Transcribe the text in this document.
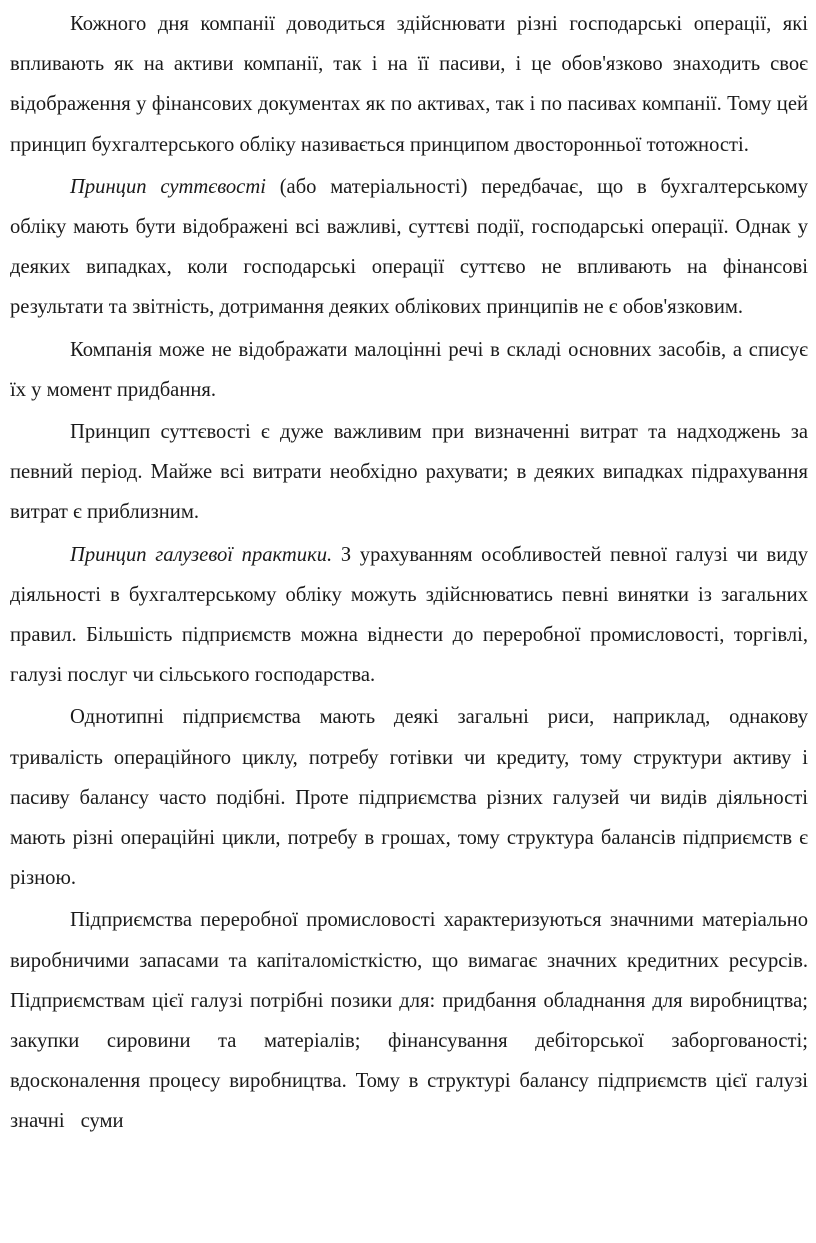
Кожного дня компанії доводиться здійснювати різні господарські операції, які впливають як на активи компанії, так і на її пасиви, і це обов'язково знаходить своє відображення у фінансових документах як по активах, так і по пасивах компанії. Тому цей принцип бухгалтерського обліку називається принципом двосторонньої тотожності.

Принцип суттєвості (або матеріальності) передбачає, що в бухгалтерському обліку мають бути відображені всі важливі, суттєві події, господарські операції. Однак у деяких випадках, коли господарські операції суттєво не впливають на фінансові результати та звітність, дотримання деяких облікових принципів не є обов'язковим.

Компанія може не відображати малоцінні речі в складі основних засобів, а списує їх у момент придбання.

Принцип суттєвості є дуже важливим при визначенні витрат та надходжень за певний період. Майже всі витрати необхідно рахувати; в деяких випадках підрахування витрат є приблизним.

Принцип галузевої практики. З урахуванням особливостей певної галузі чи виду діяльності в бухгалтерському обліку можуть здійснюватись певні винятки із загальних правил. Більшість підприємств можна віднести до переробної промисловості, торгівлі, галузі послуг чи сільського господарства.

Однотипні підприємства мають деякі загальні риси, наприклад, однакову тривалість операційного циклу, потребу готівки чи кредиту, тому структури активу і пасиву балансу часто подібні. Проте підприємства різних галузей чи видів діяльності мають різні операційні цикли, потребу в грошах, тому структура балансів підприємств є різною.

Підприємства переробної промисловості характеризуються значними матеріально виробничими запасами та капіталомісткістю, що вимагає значних кредитних ресурсів. Підприємствам цієї галузі потрібні позики для: придбання обладнання для виробництва; закупки сировини та матеріалів; фінансування дебіторської заборгованості; вдосконалення процесу виробництва. Тому в структурі балансу підприємств цієї галузі значні суми
